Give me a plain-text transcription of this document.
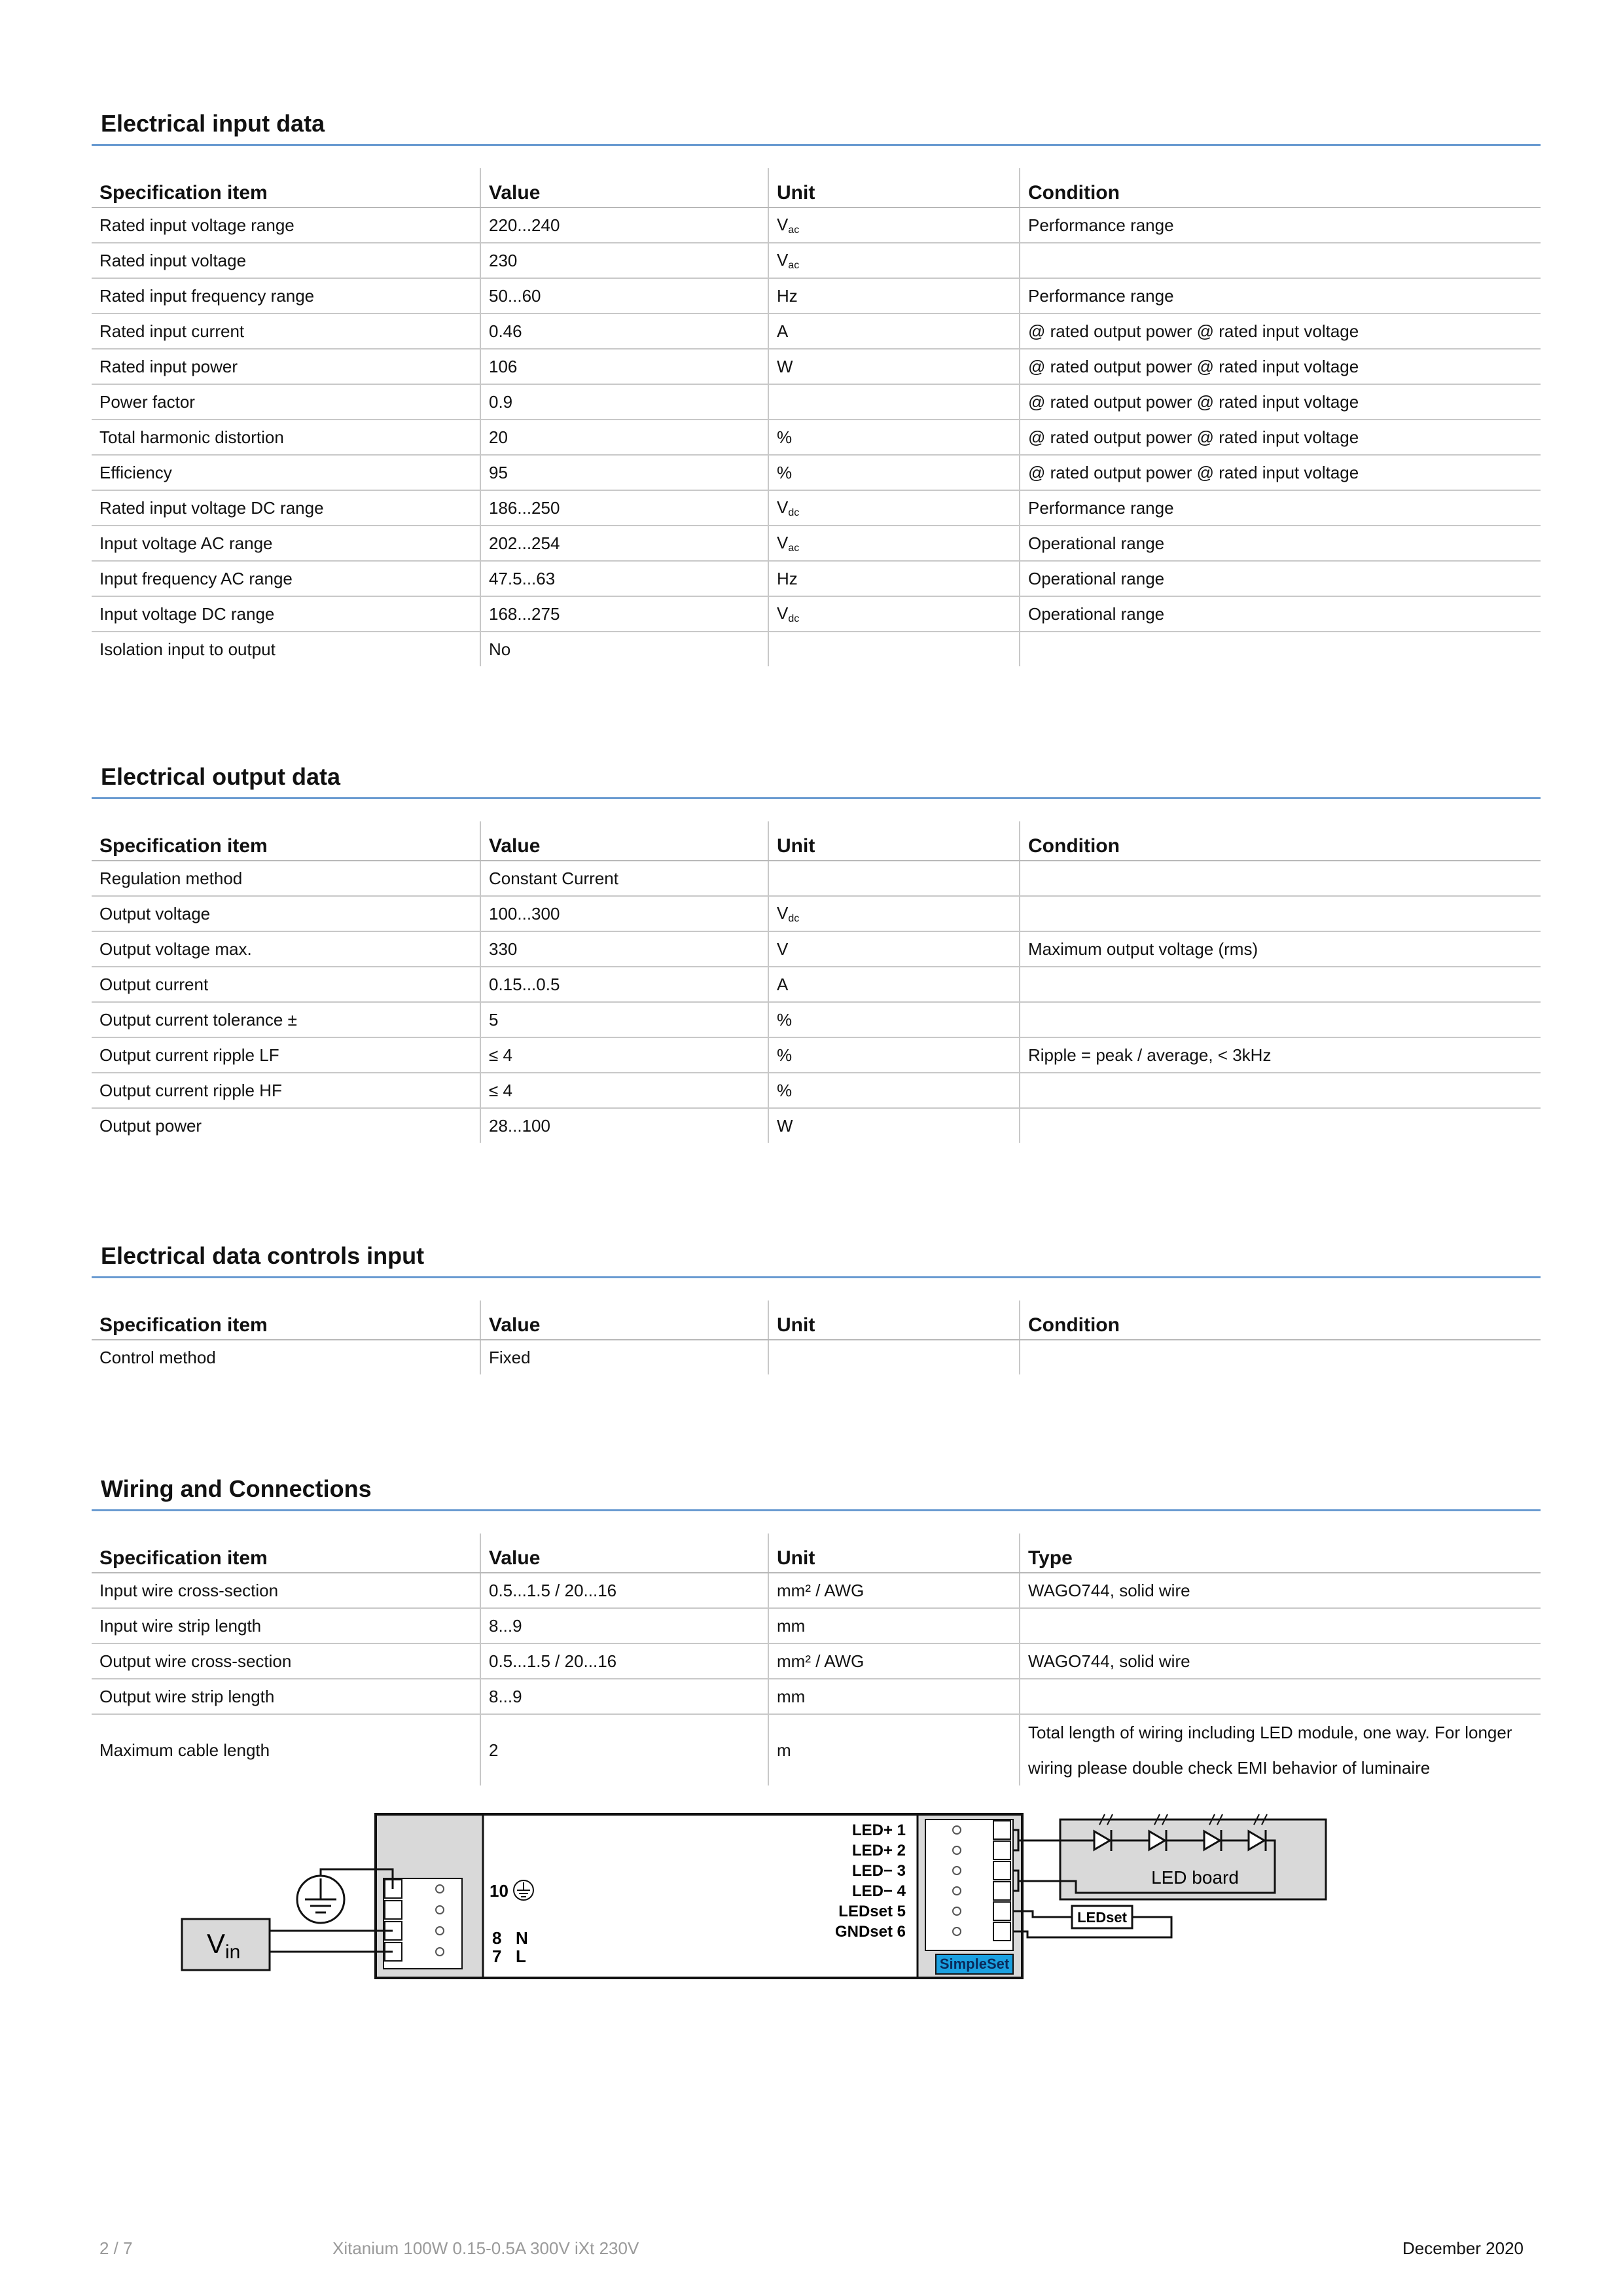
Electrical input data
Specification item	Value	Unit	Condition
Rated input voltage range	220...240	$V_{ac}$	Performance range
Rated input voltage	230	$V_{ac}$	
Rated input frequency range	50...60	Hz	Performance range
Rated input current	0.46	A	@ rated output power @ rated input voltage
Rated input power	106	W	@ rated output power @ rated input voltage
Power factor	0.9		@ rated output power @ rated input voltage
Total harmonic distortion	20	%	@ rated output power @ rated input voltage
Efficiency	95	%	@ rated output power @ rated input voltage
Rated input voltage DC range	186...250	$V_{dc}$	Performance range
Input voltage AC range	202...254	$V_{ac}$	Operational range
Input frequency AC range	47.5...63	Hz	Operational range
Input voltage DC range	168...275	$V_{dc}$	Operational range
Isolation input to output	No		
Electrical output data
Specification item	Value	Unit	Condition
Regulation method	Constant Current		
Output voltage	100...300	$V_{dc}$	
Output voltage max.	330	V	Maximum output voltage (rms)
Output current	0.15...0.5	A	
Output current tolerance ±	5	%	
Output current ripple LF	≤ 4	%	Ripple = peak / average, < 3kHz
Output current ripple HF	≤ 4	%	
Output power	28...100	W	
Electrical data controls input
Specification item	Value	Unit	Condition
Control method	Fixed		
Wiring and Connections
Specification item	Value	Unit	Type
Input wire cross-section	0.5...1.5 / 20...16	mm² / AWG	WAGO744, solid wire
Input wire strip length	8...9	mm	
Output wire cross-section	0.5...1.5 / 20...16	mm² / AWG	WAGO744, solid wire
Output wire strip length	8...9	mm	
Maximum cable length	2	m	Total length of wiring including LED module, one way. For longer wiring please double check EMI behavior of luminaire
10
8 N
7 L
Vin
LED+ 1
LED+ 2
LED− 3
LED− 4
LEDset 5
GNDset 6
SimpleSet
LED board
LEDset
2 / 7	Xitanium 100W 0.15-0.5A 300V iXt 230V	December 2020
